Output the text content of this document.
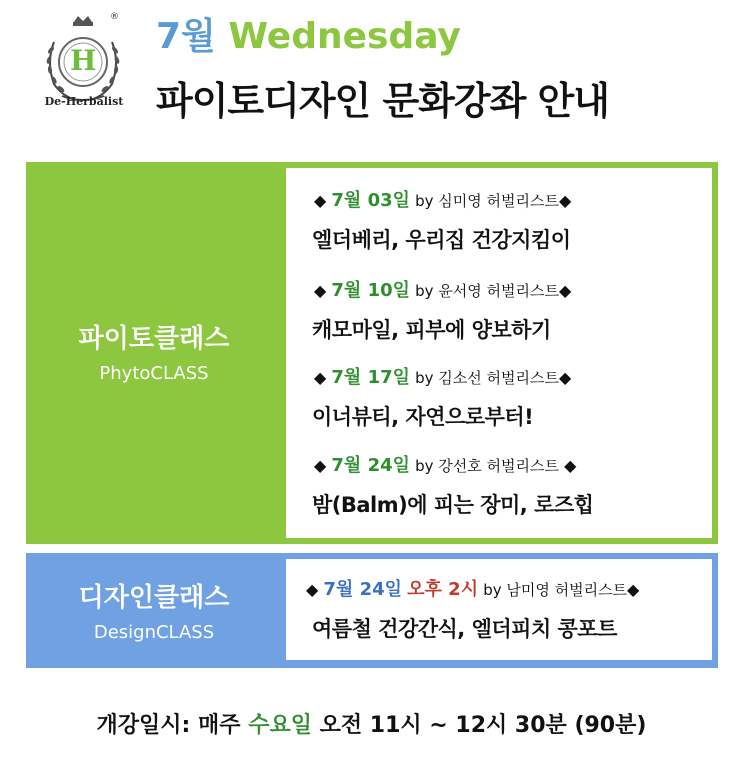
H
®
De-Herbalist
7월 Wednesday
파이토디자인 문화강좌 안내
파이토클래스
PhytoCLASS
◆ 7월 03일 by 심미영 허벌리스트◆
엘더베리, 우리집 건강지킴이
◆ 7월 10일 by 윤서영 허벌리스트◆
캐모마일, 피부에 양보하기
◆ 7월 17일 by 김소선 허벌리스트◆
이너뷰티, 자연으로부터!
◆ 7월 24일 by 강선호 허벌리스트 ◆
밤(Balm)에 피는 장미, 로즈힙
디자인클래스
DesignCLASS
◆ 7월 24일 오후 2시 by 남미영 허벌리스트◆
여름철 건강간식, 엘더피치 콩포트
개강일시: 매주 수요일 오전 11시 ~ 12시 30분 (90분)
